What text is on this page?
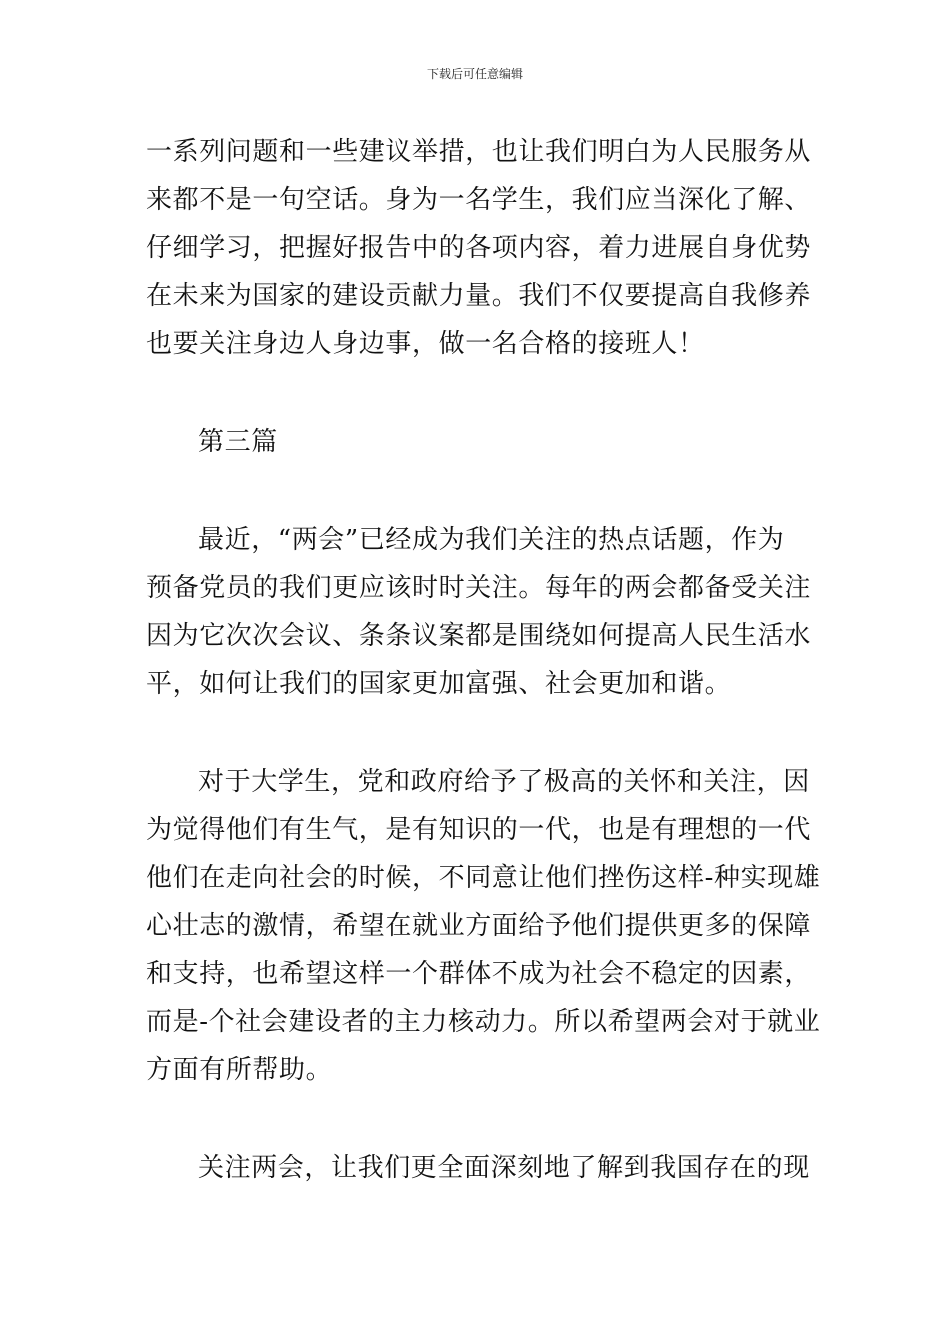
下载后可任意编辑

一系列问题和一些建议举措，也让我们明白为人民服务从
来都不是一句空话。身为一名学生，我们应当深化了解、
仔细学习，把握好报告中的各项内容，着力进展自身优势
在未来为国家的建设贡献力量。我们不仅要提高自我修养
也要关注身边人身边事，做一名合格的接班人！

第三篇

最近，“两会”已经成为我们关注的热点话题，作为
预备党员的我们更应该时时关注。每年的两会都备受关注
因为它次次会议、条条议案都是围绕如何提高人民生活水
平，如何让我们的国家更加富强、社会更加和谐。

对于大学生，党和政府给予了极高的关怀和关注，因
为觉得他们有生气，是有知识的一代，也是有理想的一代
他们在走向社会的时候，不同意让他们挫伤这样-种实现雄
心壮志的激情，希望在就业方面给予他们提供更多的保障
和支持，也希望这样一个群体不成为社会不稳定的因素，
而是-个社会建设者的主力核动力。所以希望两会对于就业
方面有所帮助。

关注两会，让我们更全面深刻地了解到我国存在的现
